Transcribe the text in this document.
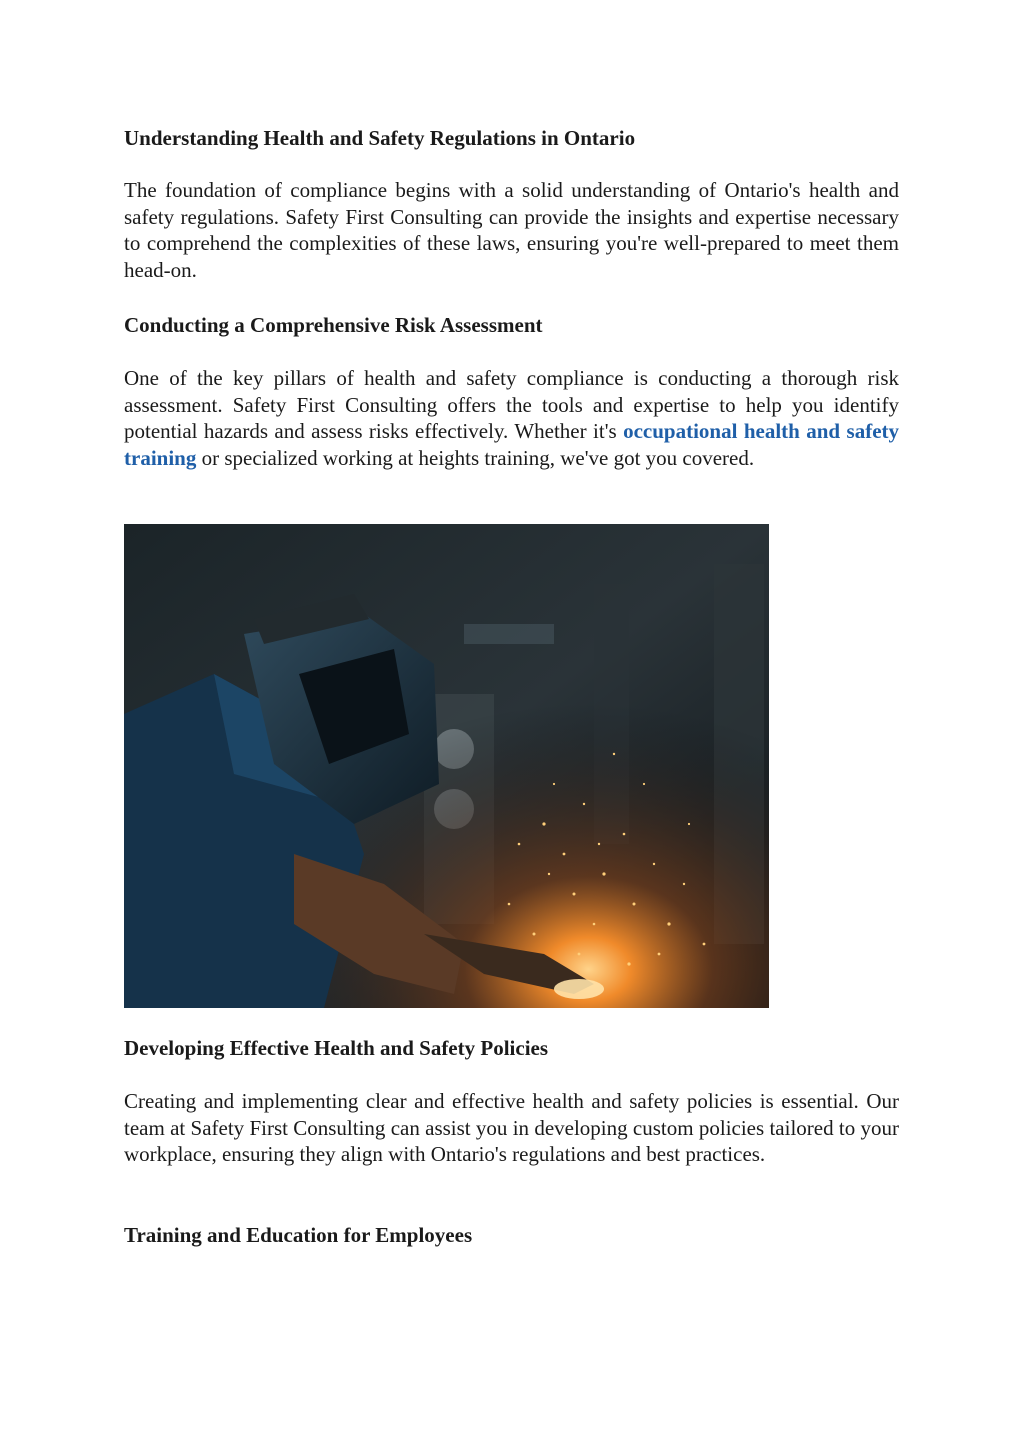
Understanding Health and Safety Regulations in Ontario

The foundation of compliance begins with a solid understanding of Ontario's health and safety regulations. Safety First Consulting can provide the insights and expertise necessary to comprehend the complexities of these laws, ensuring you're well-prepared to meet them head-on.

Conducting a Comprehensive Risk Assessment

One of the key pillars of health and safety compliance is conducting a thorough risk assessment. Safety First Consulting offers the tools and expertise to help you identify potential hazards and assess risks effectively. Whether it's occupational health and safety training or specialized working at heights training, we've got you covered.

Developing Effective Health and Safety Policies

Creating and implementing clear and effective health and safety policies is essential. Our team at Safety First Consulting can assist you in developing custom policies tailored to your workplace, ensuring they align with Ontario's regulations and best practices.

Training and Education for Employees
